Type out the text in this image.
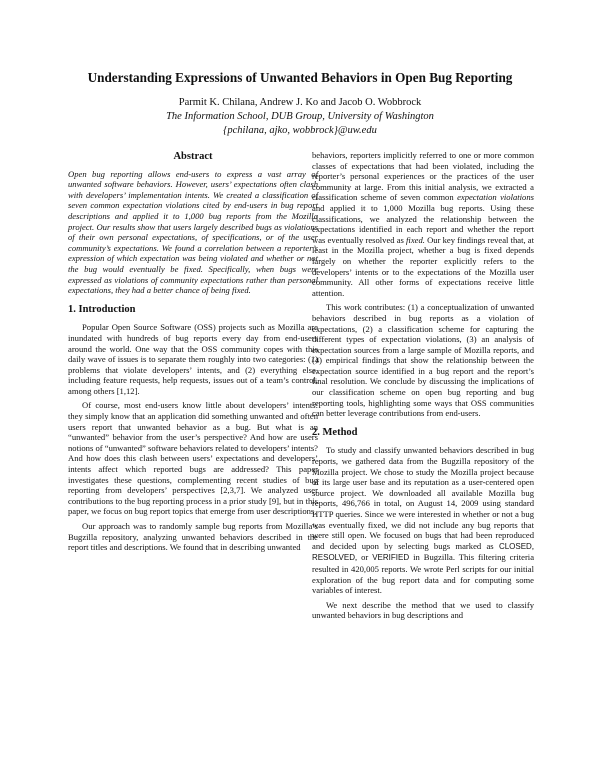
Understanding Expressions of Unwanted Behaviors in Open Bug Reporting
Parmit K. Chilana, Andrew J. Ko and Jacob O. Wobbrock
The Information School, DUB Group, University of Washington
{pchilana, ajko, wobbrock}@uw.edu
Abstract

Open bug reporting allows end-users to express a vast array of unwanted software behaviors. However, users’ expectations often clash with developers’ implementation intents. We created a classification of seven common expectation violations cited by end-users in bug report descriptions and applied it to 1,000 bug reports from the Mozilla project. Our results show that users largely described bugs as violations of their own personal expectations, of specifications, or of the user community’s expectations. We found a correlation between a reporter’s expression of which expectation was being violated and whether or not the bug would eventually be fixed. Specifically, when bugs were expressed as violations of community expectations rather than personal expectations, they had a better chance of being fixed.

1. Introduction

Popular Open Source Software (OSS) projects such as Mozilla are inundated with hundreds of bug reports every day from end-users around the world. One way that the OSS community copes with this daily wave of issues is to separate them roughly into two categories: (1) problems that violate developers’ intents, and (2) everything else, including feature requests, help requests, issues out of a team’s control, among others [1,12].

Of course, most end-users know little about developers’ intents: they simply know that an application did something unwanted and often users report that unwanted behavior as a bug. But what is an “unwanted” behavior from the user’s perspective? And how are users notions of “unwanted” software behaviors related to developers’ intents? And how does this clash between users’ expectations and developers’ intents affect which reported bugs are addressed? This paper investigates these questions, complementing recent studies of bug reporting from developers’ perspectives [2,3,7]. We analyzed user contributions to the bug reporting process in a prior study [9], but in this paper, we focus on bug report topics that emerge from user descriptions.

Our approach was to randomly sample bug reports from Mozilla’s Bugzilla repository, analyzing unwanted behaviors described in the report titles and descriptions. We found that in describing unwanted

behaviors, reporters implicitly referred to one or more common classes of expectations that had been violated, including the reporter’s personal experiences or the practices of the user community at large. From this initial analysis, we extracted a classification scheme of seven common expectation violations and applied it to 1,000 Mozilla bug reports. Using these classifications, we analyzed the relationship between the expectations identified in each report and whether the report was eventually resolved as fixed. Our key findings reveal that, at least in the Mozilla project, whether a bug is fixed depends largely on whether the reporter explicitly refers to the developers’ intents or to the expectations of the Mozilla user community. All other forms of expectations receive little attention.

This work contributes: (1) a conceptualization of unwanted behaviors described in bug reports as a violation of expectations, (2) a classification scheme for capturing the different types of expectation violations, (3) an analysis of expectation sources from a large sample of Mozilla reports, and (4) empirical findings that show the relationship between the expectation source identified in a bug report and the report’s final resolution. We conclude by discussing the implications of our classification scheme on open bug reporting and bug reporting tools, highlighting some ways that OSS communities can better leverage contributions from end-users.

2. Method

To study and classify unwanted behaviors described in bug reports, we gathered data from the Bugzilla repository of the Mozilla project. We chose to study the Mozilla project because of its large user base and its reputation as a user-centered open source project. We downloaded all available Mozilla bug reports, 496,766 in total, on August 14, 2009 using standard HTTP queries. Since we were interested in whether or not a bug was eventually fixed, we did not include any bug reports that were still open. We focused on bugs that had been reproduced and decided upon by selecting bugs marked as CLOSED, RESOLVED, or VERIFIED in Bugzilla. This filtering criteria resulted in 420,005 reports. We wrote Perl scripts for our initial exploration of the bug report data and for computing some variables of interest.

We next describe the method that we used to classify unwanted behaviors in bug descriptions and
